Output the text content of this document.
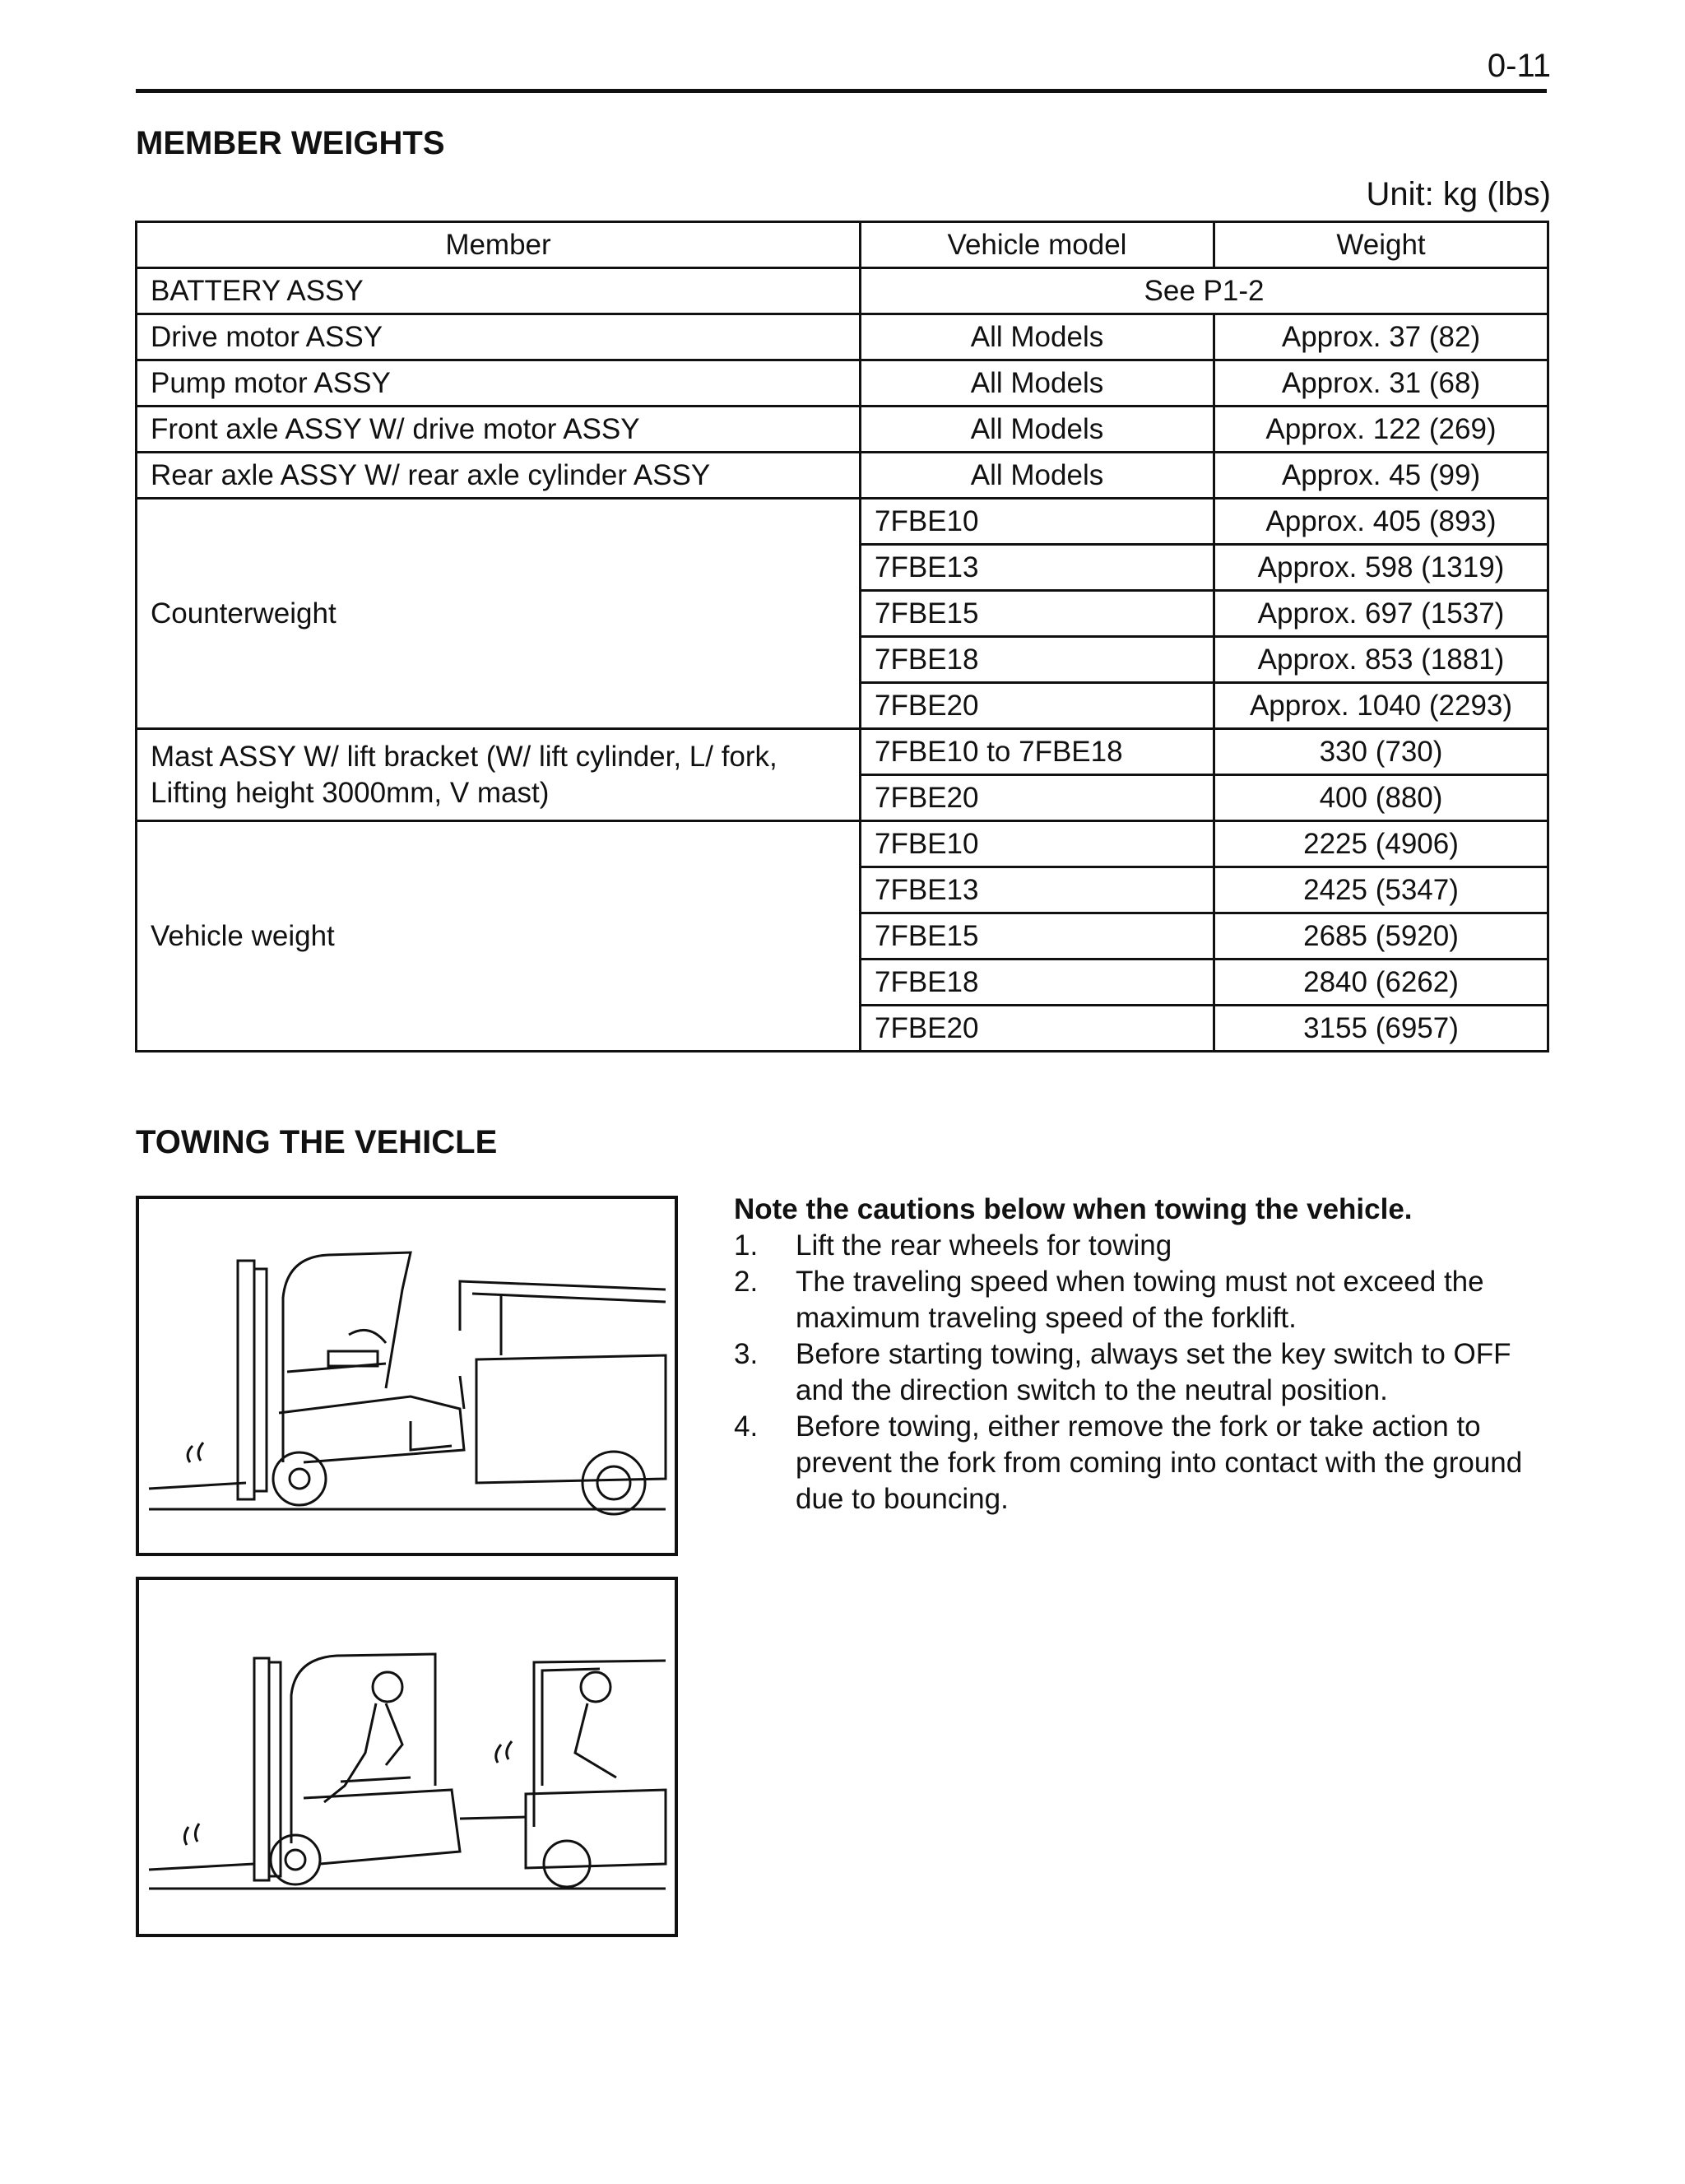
0-11
MEMBER WEIGHTS
Unit: kg (lbs)
Member	Vehicle model	Weight
BATTERY ASSY	See P1-2	
Drive motor ASSY	All Models	Approx. 37 (82)
Pump motor ASSY	All Models	Approx. 31 (68)
Front axle ASSY W/ drive motor ASSY	All Models	Approx. 122 (269)
Rear axle ASSY W/ rear axle cylinder ASSY	All Models	Approx. 45 (99)
Counterweight	7FBE10	Approx. 405 (893)
	7FBE13	Approx. 598 (1319)
	7FBE15	Approx. 697 (1537)
	7FBE18	Approx. 853 (1881)
	7FBE20	Approx. 1040 (2293)

Mast ASSY W/ lift bracket (W/ lift cylinder, L/ fork,
Lifting height 3000mm, V mast)	7FBE10 to 7FBE18	330 (730)
	7FBE20	400 (880)
Vehicle weight	7FBE10	2225 (4906)
	7FBE13	2425 (5347)
	7FBE15	2685 (5920)
	7FBE18	2840 (6262)
	7FBE20	3155 (6957)
TOWING THE VEHICLE
Note the cautions below when towing the vehicle.
1.	Lift the rear wheels for towing
2.	The traveling speed when towing must not exceed the maximum traveling speed of the forklift.
3.	Before starting towing, always set the key switch to OFF and the direction switch to the neutral position.
4.	Before towing, either remove the fork or take action to prevent the fork from coming into contact with the ground due to bouncing.
